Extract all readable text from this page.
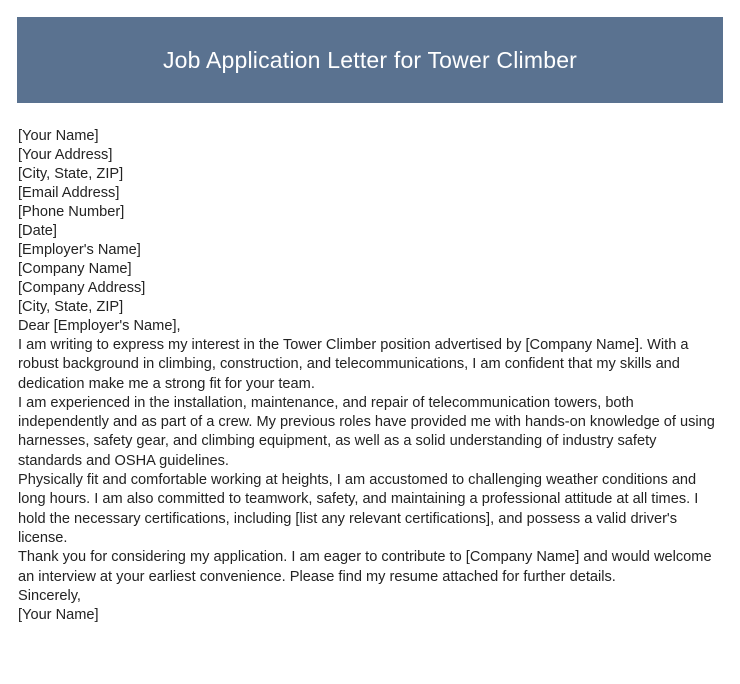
Job Application Letter for Tower Climber
[Your Name]
[Your Address]
[City, State, ZIP]
[Email Address]
[Phone Number]
[Date]
[Employer's Name]
[Company Name]
[Company Address]
[City, State, ZIP]
Dear [Employer's Name],

I am writing to express my interest in the Tower Climber position advertised by [Company Name]. With a robust background in climbing, construction, and telecommunications, I am confident that my skills and dedication make me a strong fit for your team.

I am experienced in the installation, maintenance, and repair of telecommunication towers, both independently and as part of a crew. My previous roles have provided me with hands-on knowledge of using harnesses, safety gear, and climbing equipment, as well as a solid understanding of industry safety standards and OSHA guidelines.

Physically fit and comfortable working at heights, I am accustomed to challenging weather conditions and long hours. I am also committed to teamwork, safety, and maintaining a professional attitude at all times. I hold the necessary certifications, including [list any relevant certifications], and possess a valid driver's license.

Thank you for considering my application. I am eager to contribute to [Company Name] and would welcome an interview at your earliest convenience. Please find my resume attached for further details.

Sincerely,
[Your Name]
